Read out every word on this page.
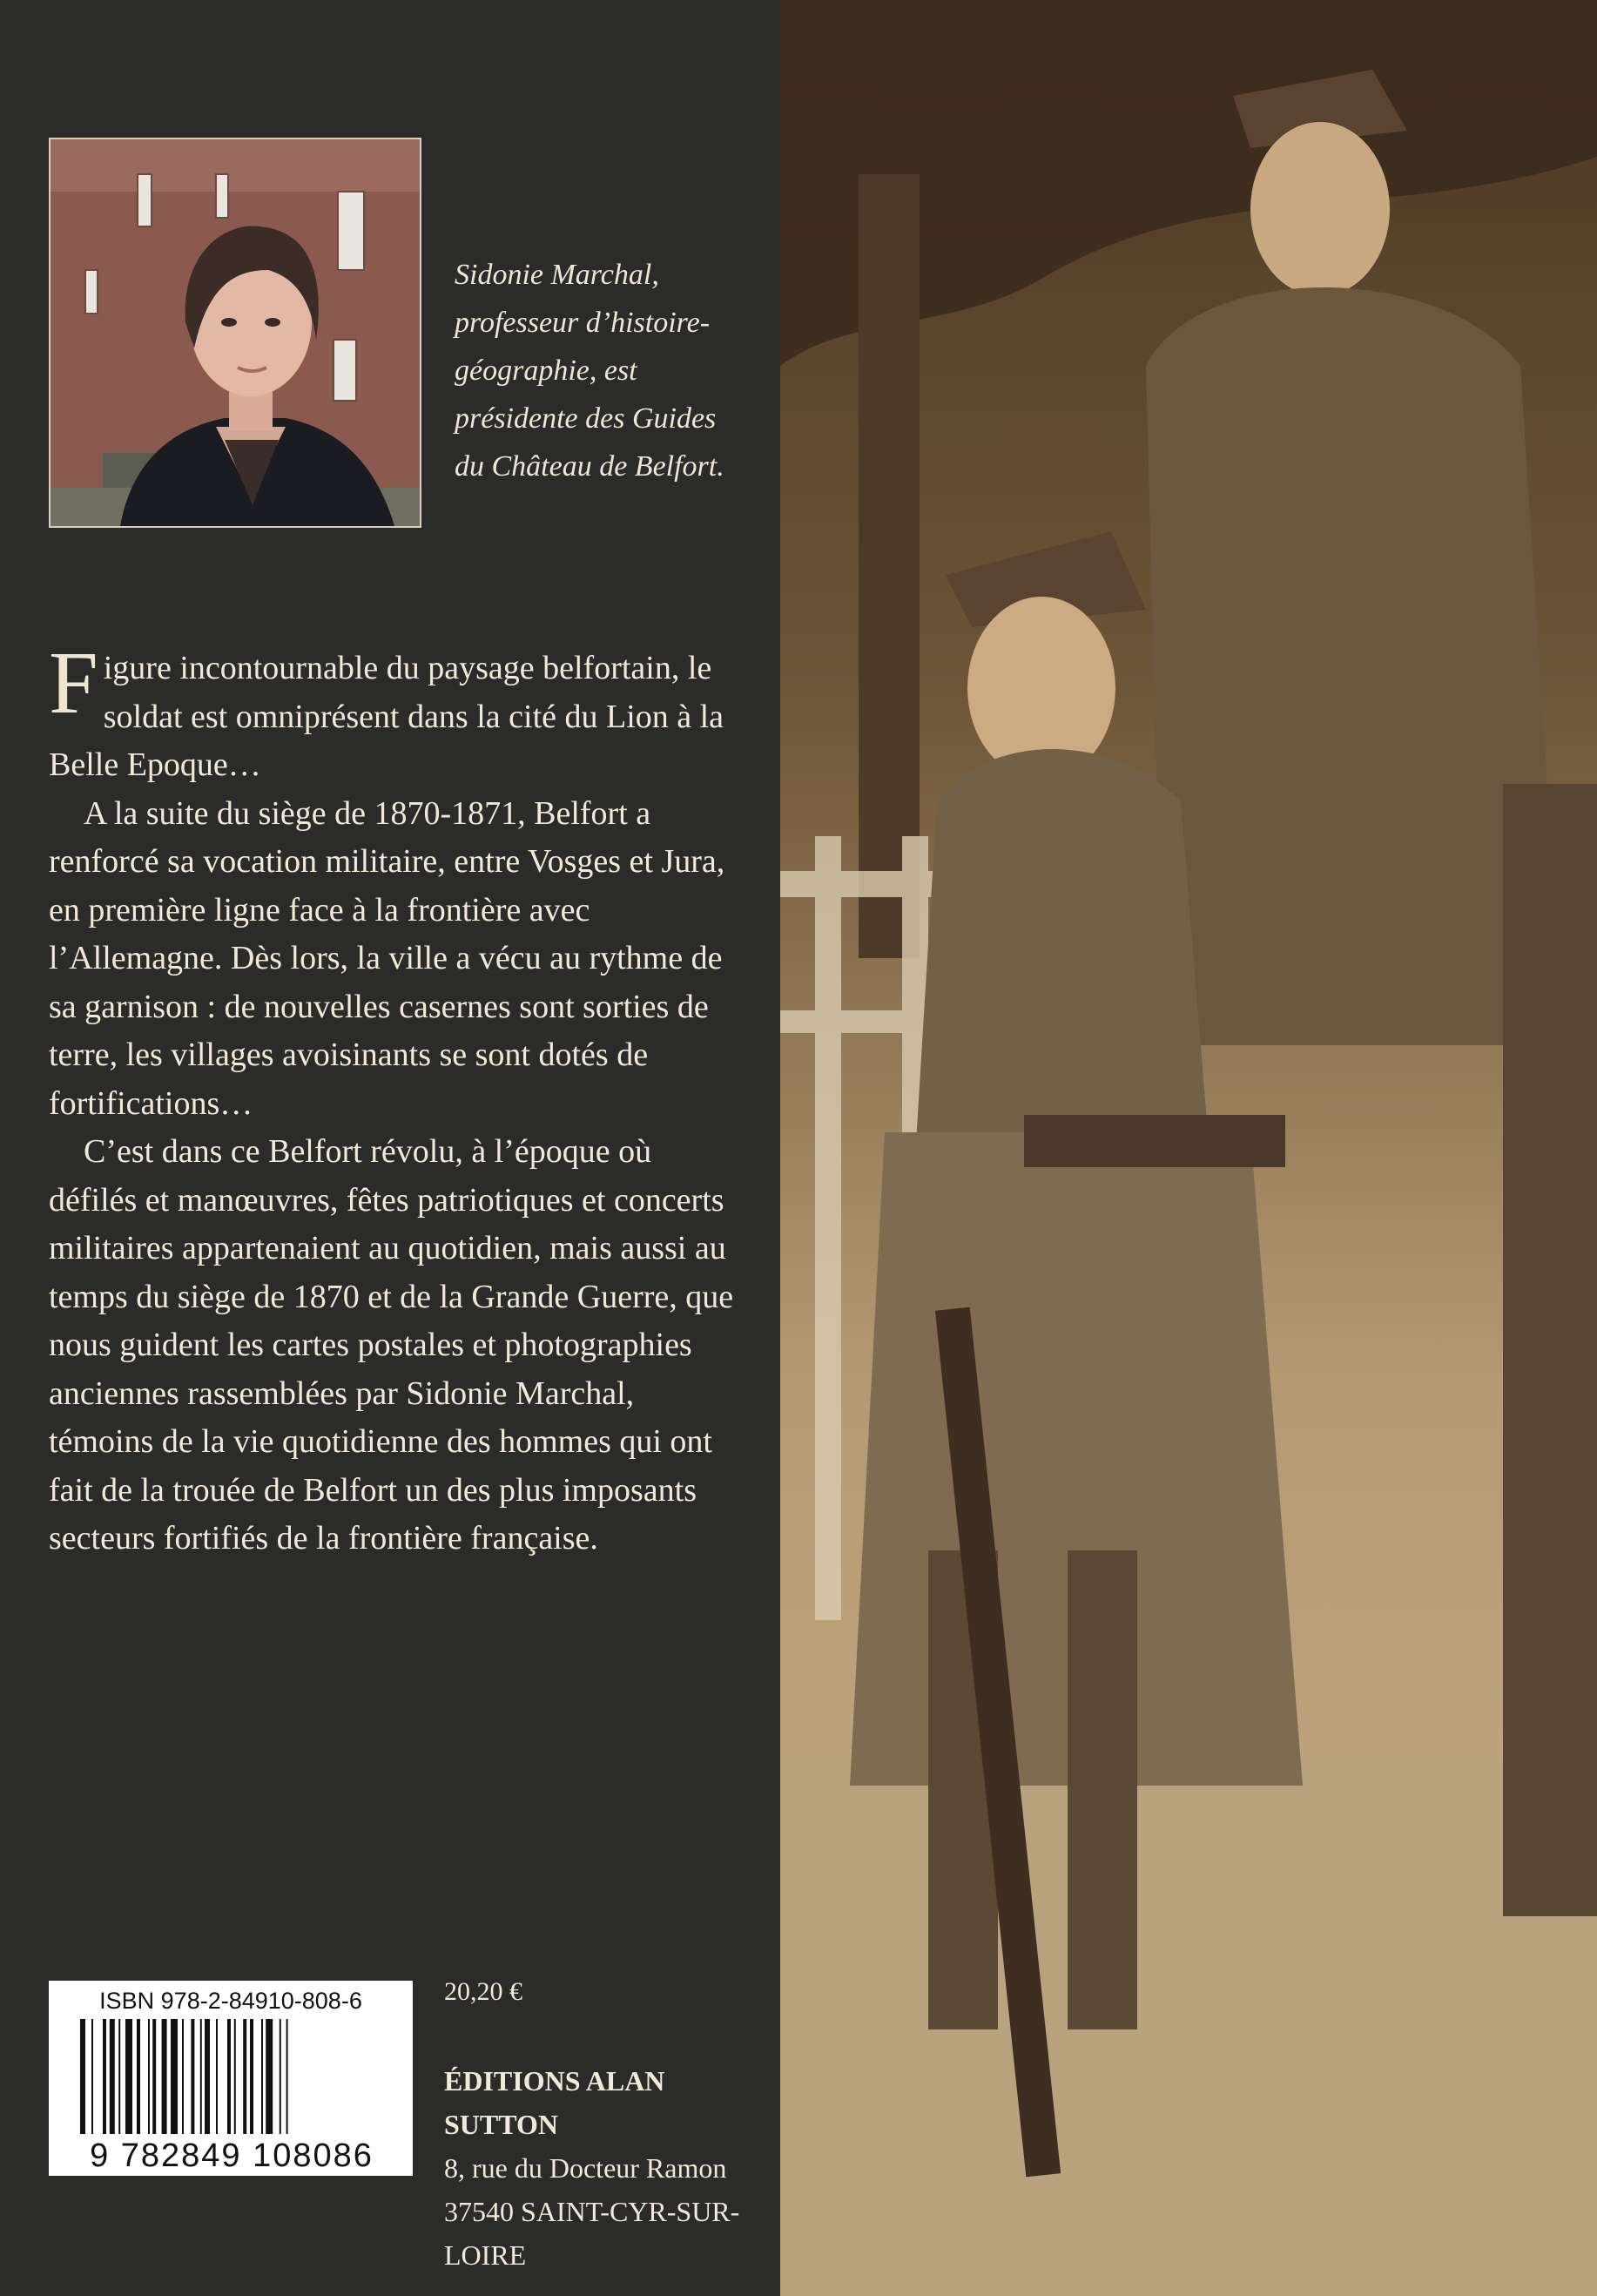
Sidonie Marchal, professeur d’histoire-géographie, est présidente des Guides du Château de Belfort.

Figure incontournable du paysage belfortain, le soldat est omniprésent dans la cité du Lion à la Belle Epoque…

A la suite du siège de 1870-1871, Belfort a renforcé sa vocation militaire, entre Vosges et Jura, en première ligne face à la frontière avec l’Allemagne. Dès lors, la ville a vécu au rythme de sa garnison : de nouvelles casernes sont sorties de terre, les villages avoisinants se sont dotés de fortifications…

C’est dans ce Belfort révolu, à l’époque où défilés et manœuvres, fêtes patriotiques et concerts militaires appartenaient au quotidien, mais aussi au temps du siège de 1870 et de la Grande Guerre, que nous guident les cartes postales et photographies anciennes rassemblées par Sidonie Marchal, témoins de la vie quotidienne des hommes qui ont fait de la trouée de Belfort un des plus imposants secteurs fortifiés de la frontière française.

ISBN 978-2-84910-808-6
9 782849 108086
20,20 €
ÉDITIONS ALAN SUTTON
8, rue du Docteur Ramon
37540 SAINT-CYR-SUR-LOIRE
